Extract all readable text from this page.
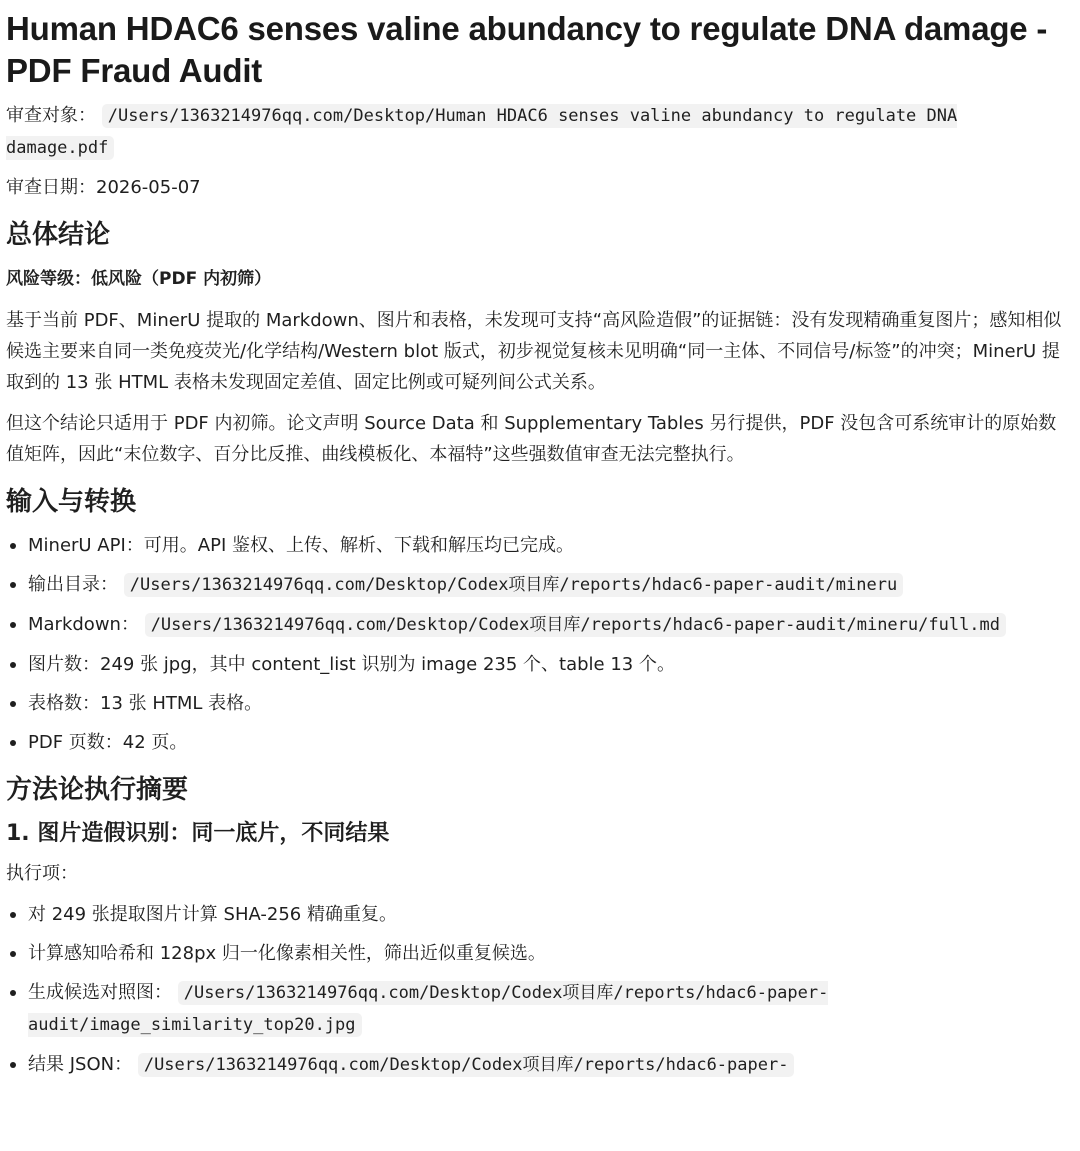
Human HDAC6 senses valine abundancy to regulate DNA damage - PDF Fraud Audit

审查对象： /Users/1363214976qq.com/Desktop/Human HDAC6 senses valine abundancy to regulate DNA damage.pdf

审查日期：2026-05-07

总体结论

风险等级：低风险（PDF 内初筛）

基于当前 PDF、MinerU 提取的 Markdown、图片和表格，未发现可支持“高风险造假”的证据链：没有发现精确重复图片；感知相似候选主要来自同一类免疫荧光/化学结构/Western blot 版式，初步视觉复核未见明确“同一主体、不同信号/标签”的冲突；MinerU 提取到的 13 张 HTML 表格未发现固定差值、固定比例或可疑列间公式关系。

但这个结论只适用于 PDF 内初筛。论文声明 Source Data 和 Supplementary Tables 另行提供，PDF 没包含可系统审计的原始数值矩阵，因此“末位数字、百分比反推、曲线模板化、本福特”这些强数值审查无法完整执行。

输入与转换
MinerU API：可用。API 鉴权、上传、解析、下载和解压均已完成。
输出目录： /Users/1363214976qq.com/Desktop/Codex项目库/reports/hdac6-paper-audit/mineru
Markdown： /Users/1363214976qq.com/Desktop/Codex项目库/reports/hdac6-paper-audit/mineru/full.md
图片数：249 张 jpg，其中 content_list 识别为 image 235 个、table 13 个。
表格数：13 张 HTML 表格。
PDF 页数：42 页。
方法论执行摘要
1. 图片造假识别：同一底片，不同结果

执行项：

对 249 张提取图片计算 SHA-256 精确重复。
计算感知哈希和 128px 归一化像素相关性，筛出近似重复候选。
生成候选对照图： /Users/1363214976qq.com/Desktop/Codex项目库/reports/hdac6-paper-audit/image_similarity_top20.jpg
结果 JSON： /Users/1363214976qq.com/Desktop/Codex项目库/reports/hdac6-paper-
